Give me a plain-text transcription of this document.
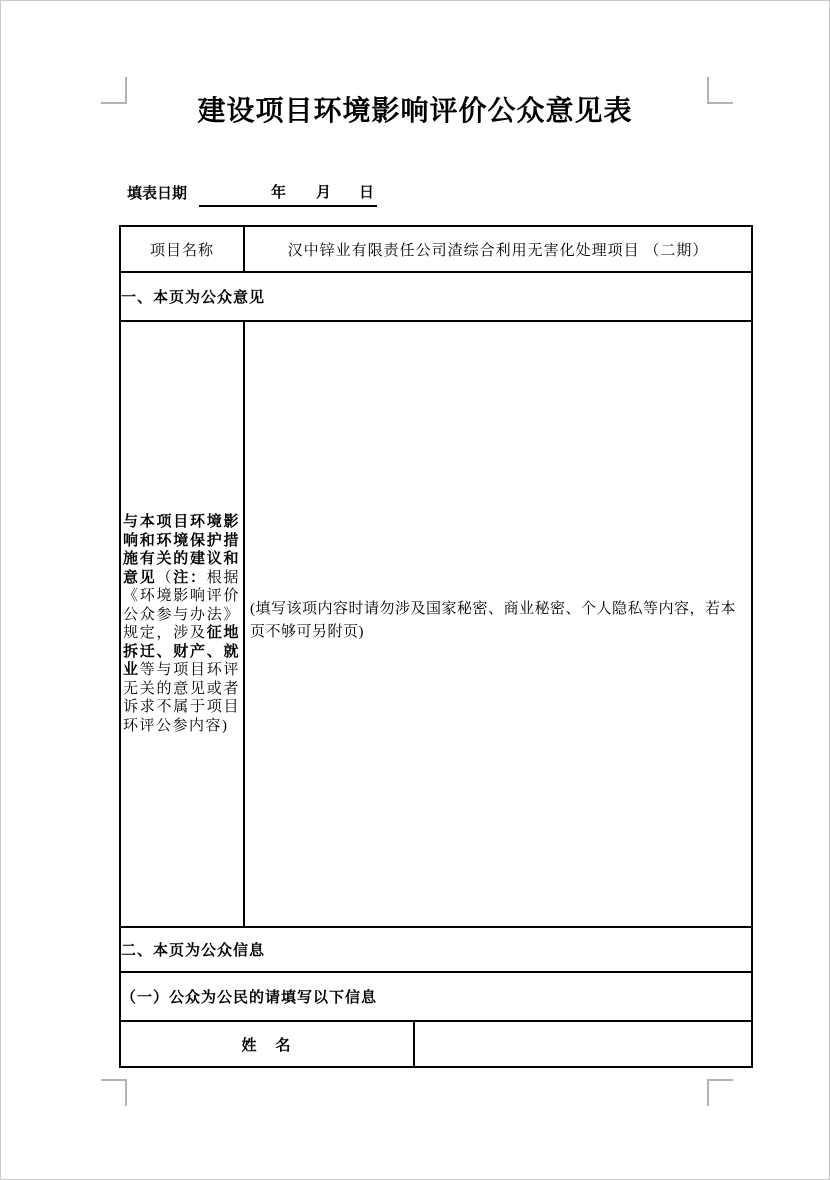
建设项目环境影响评价公众意见表
填表日期	年 月 日
项目名称	汉中锌业有限责任公司渣综合利用无害化处理项目 （二期）	
一、本页为公众意见		

与本项目环境影响和环境保护措施有关的建议和意见（注：根据《环境影响评价公众参与办法》规定，涉及征地拆迁、财产、就业等与项目环评无关的意见或者诉求不属于项目环评公参内容)	(填写该项内容时请勿涉及国家秘密、商业秘密、个人隐私等内容，若本页不够可另附页)	

二、本页为公众信息		
（一）公众为公民的请填写以下信息		
姓　名		
